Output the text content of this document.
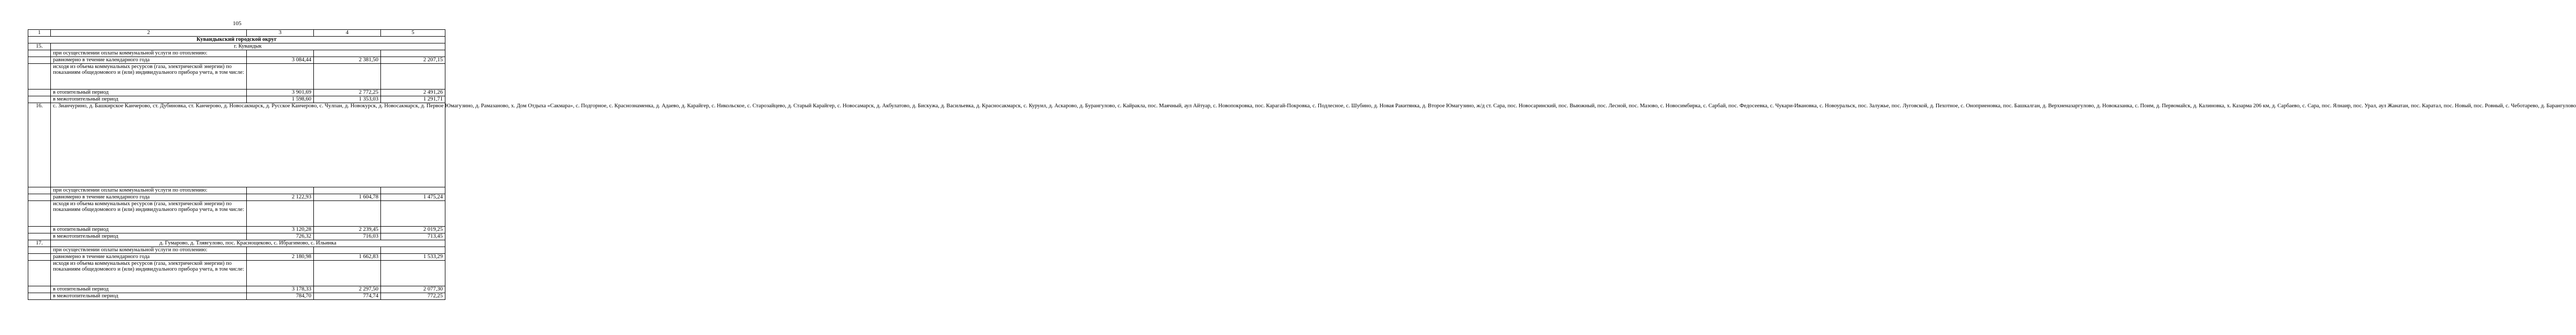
105
1	2	3	4	5
Кувандыкский городской округ				
15.	г. Кувандык			
	при осуществлении оплаты коммунальной услуги по отоплению:			
	равномерно в течение календарного года	3 084,44	2 381,50	2 207,15
	исходя из объема коммунальных ресурсов (газа, электрической энергии) по показаниям общедомового и (или) индивидуального прибора учета, в том числе:			
	в отопительный период	3 901,69	2 772,25	2 491,26
	в межотопительный период	1 598,60	1 353,03	1 291,71
16.	с. Зианчурино, д. Башкирское Канчерово, ст. Дубиновка, ст. Канчерово, д. Новосакмарск, д. Русское Канчерово, с. Чулпан, д. Новокурск, д. Новосакмарск, д. Первое Юмагузино, д. Рамазаново, х. Дом Отдыха «Сакмара», с. Подгорное, с. Краснознаменка, д. Адаево, д. Карайгер, с. Никольское, с. Старозайцево, д. Старый Карайгер, с. Новосамарск, д. Акбулатово, д. Бискужа, д. Васильевка, д. Красносакмарск, с. Куруил, д. Аскарово, д. Бурангулово, с. Кайракла, пос. Маячный, аул Айтуар, с. Новопокровка, пос. Карагай-Покровка, с. Подлесное, с. Шубино, д. Новая Ракитянка, д. Второе Юмагузино, ж/д ст. Сара, пос. Новосаринский, пос. Выюжный, пос. Лесной, пос. Мазово, с. Новосимбирка, с. Сарбай, пос. Федосеевка, с. Чукари-Ивановка, с. Новоуральск, пос. Залужье, пос. Луговской, д. Пехотное, с. Оноприеновка, пос. Башкалган, д. Верхненазаргулово, д. Новоказанка, с. Поим, д. Первомайск, д. Калиновка, х. Казарма 206 км, д. Сарбаево, с. Сара, пос. Ялнаир, пос. Урал, аул Жанатан, пос. Каратал, пос. Новый, пос. Ровный, с. Чеботарево, д. Барангулово			
	при осуществлении оплаты коммунальной услуги по отоплению:			
	равномерно в течение календарного года	2 122,93	1 604,78	1 475,24
	исходя из объема коммунальных ресурсов (газа, электрической энергии) по показаниям общедомового и (или) индивидуального прибора учета, в том числе:			
	в отопительный период	3 120,28	2 239,45	2 019,25
	в межотопительный период	726,32	716,03	713,45
17.	д. Гумарово, д. Тлявгулово, пос. Краснощеково, с. Ибрагимово, с. Ильинка			
	при осуществлении оплаты коммунальной услуги по отоплению:			
	равномерно в течение календарного года	2 180,98	1 662,83	1 533,29
	исходя из объема коммунальных ресурсов (газа, электрической энергии) по показаниям общедомового и (или) индивидуального прибора учета, в том числе:			
	в отопительный период	3 178,33	2 297,50	2 077,30
	в межотопительный период	784,70	774,74	772,25
